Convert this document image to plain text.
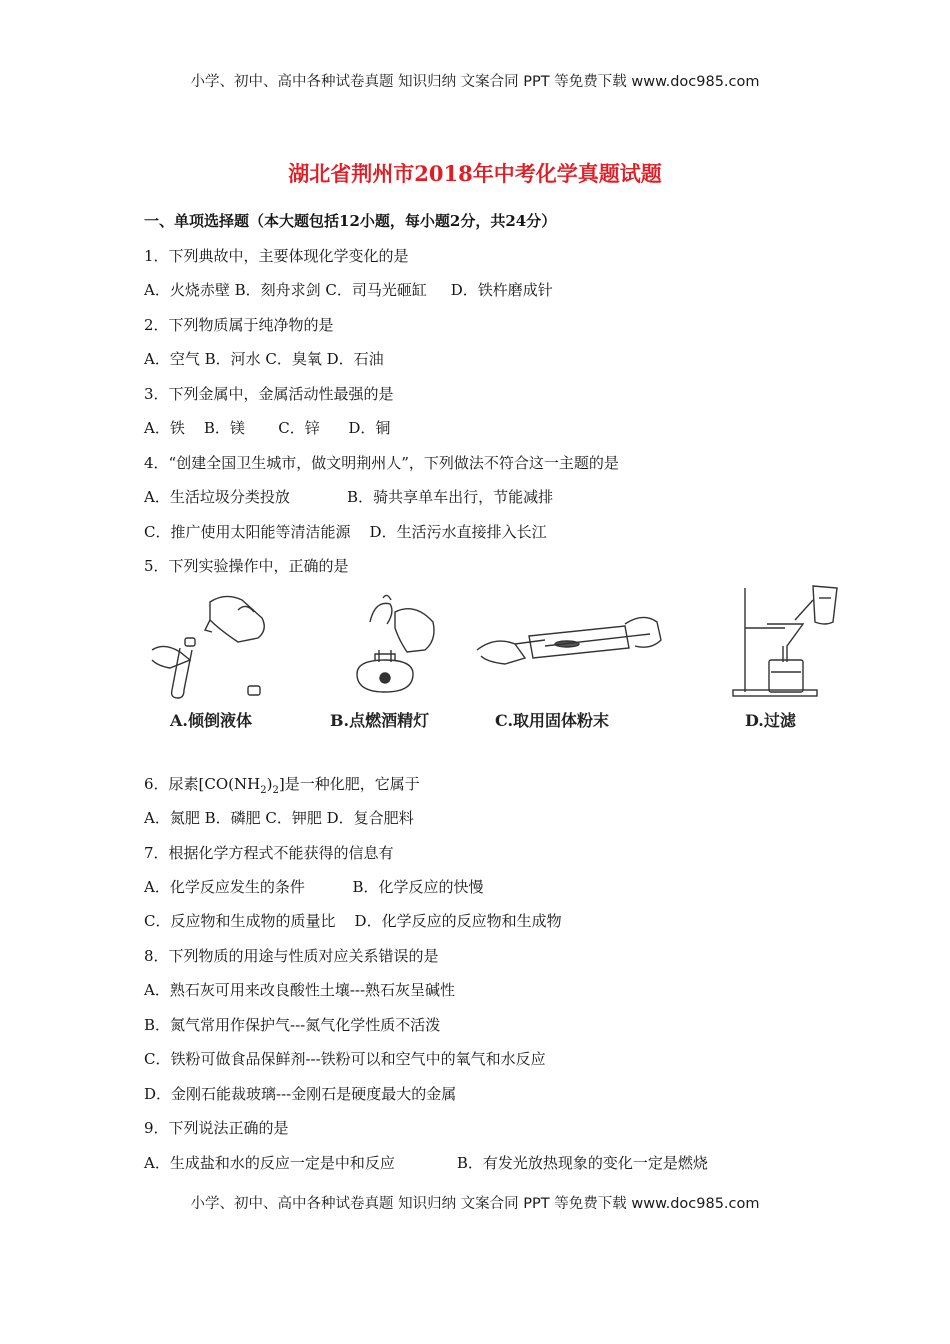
小学、初中、高中各种试卷真题 知识归纳 文案合同 PPT 等免费下载 www.doc985.com
湖北省荆州市2018年中考化学真题试题
一、单项选择题（本大题包括12小题，每小题2分，共24分）
1．下列典故中，主要体现化学变化的是
A．火烧赤壁 B．刻舟求剑 C．司马光砸缸     D．铁杵磨成针
2．下列物质属于纯净物的是
A．空气 B．河水 C．臭氧 D．石油
3．下列金属中，金属活动性最强的是
A．铁    B．镁       C．锌      D．铜
4．“创建全国卫生城市，做文明荆州人”，下列做法不符合这一主题的是
A．生活垃圾分类投放            B．骑共享单车出行，节能减排
C．推广使用太阳能等清洁能源    D．生活污水直接排入长江
5．下列实验操作中，正确的是
A.倾倒液体	B.点燃酒精灯	C.取用固体粉末	D.过滤
6．尿素$[CO(NH_2)_2]$是一种化肥，它属于
A．氮肥 B．磷肥 C．钾肥 D．复合肥料
7．根据化学方程式不能获得的信息有
A．化学反应发生的条件          B．化学反应的快慢
C．反应物和生成物的质量比    D．化学反应的反应物和生成物
8．下列物质的用途与性质对应关系错误的是
A．熟石灰可用来改良酸性土壤---熟石灰呈碱性
B．氮气常用作保护气---氮气化学性质不活泼
C．铁粉可做食品保鲜剂---铁粉可以和空气中的氧气和水反应
D．金刚石能裁玻璃---金刚石是硬度最大的金属
9．下列说法正确的是
A．生成盐和水的反应一定是中和反应             B．有发光放热现象的变化一定是燃烧
小学、初中、高中各种试卷真题 知识归纳 文案合同 PPT 等免费下载 www.doc985.com
